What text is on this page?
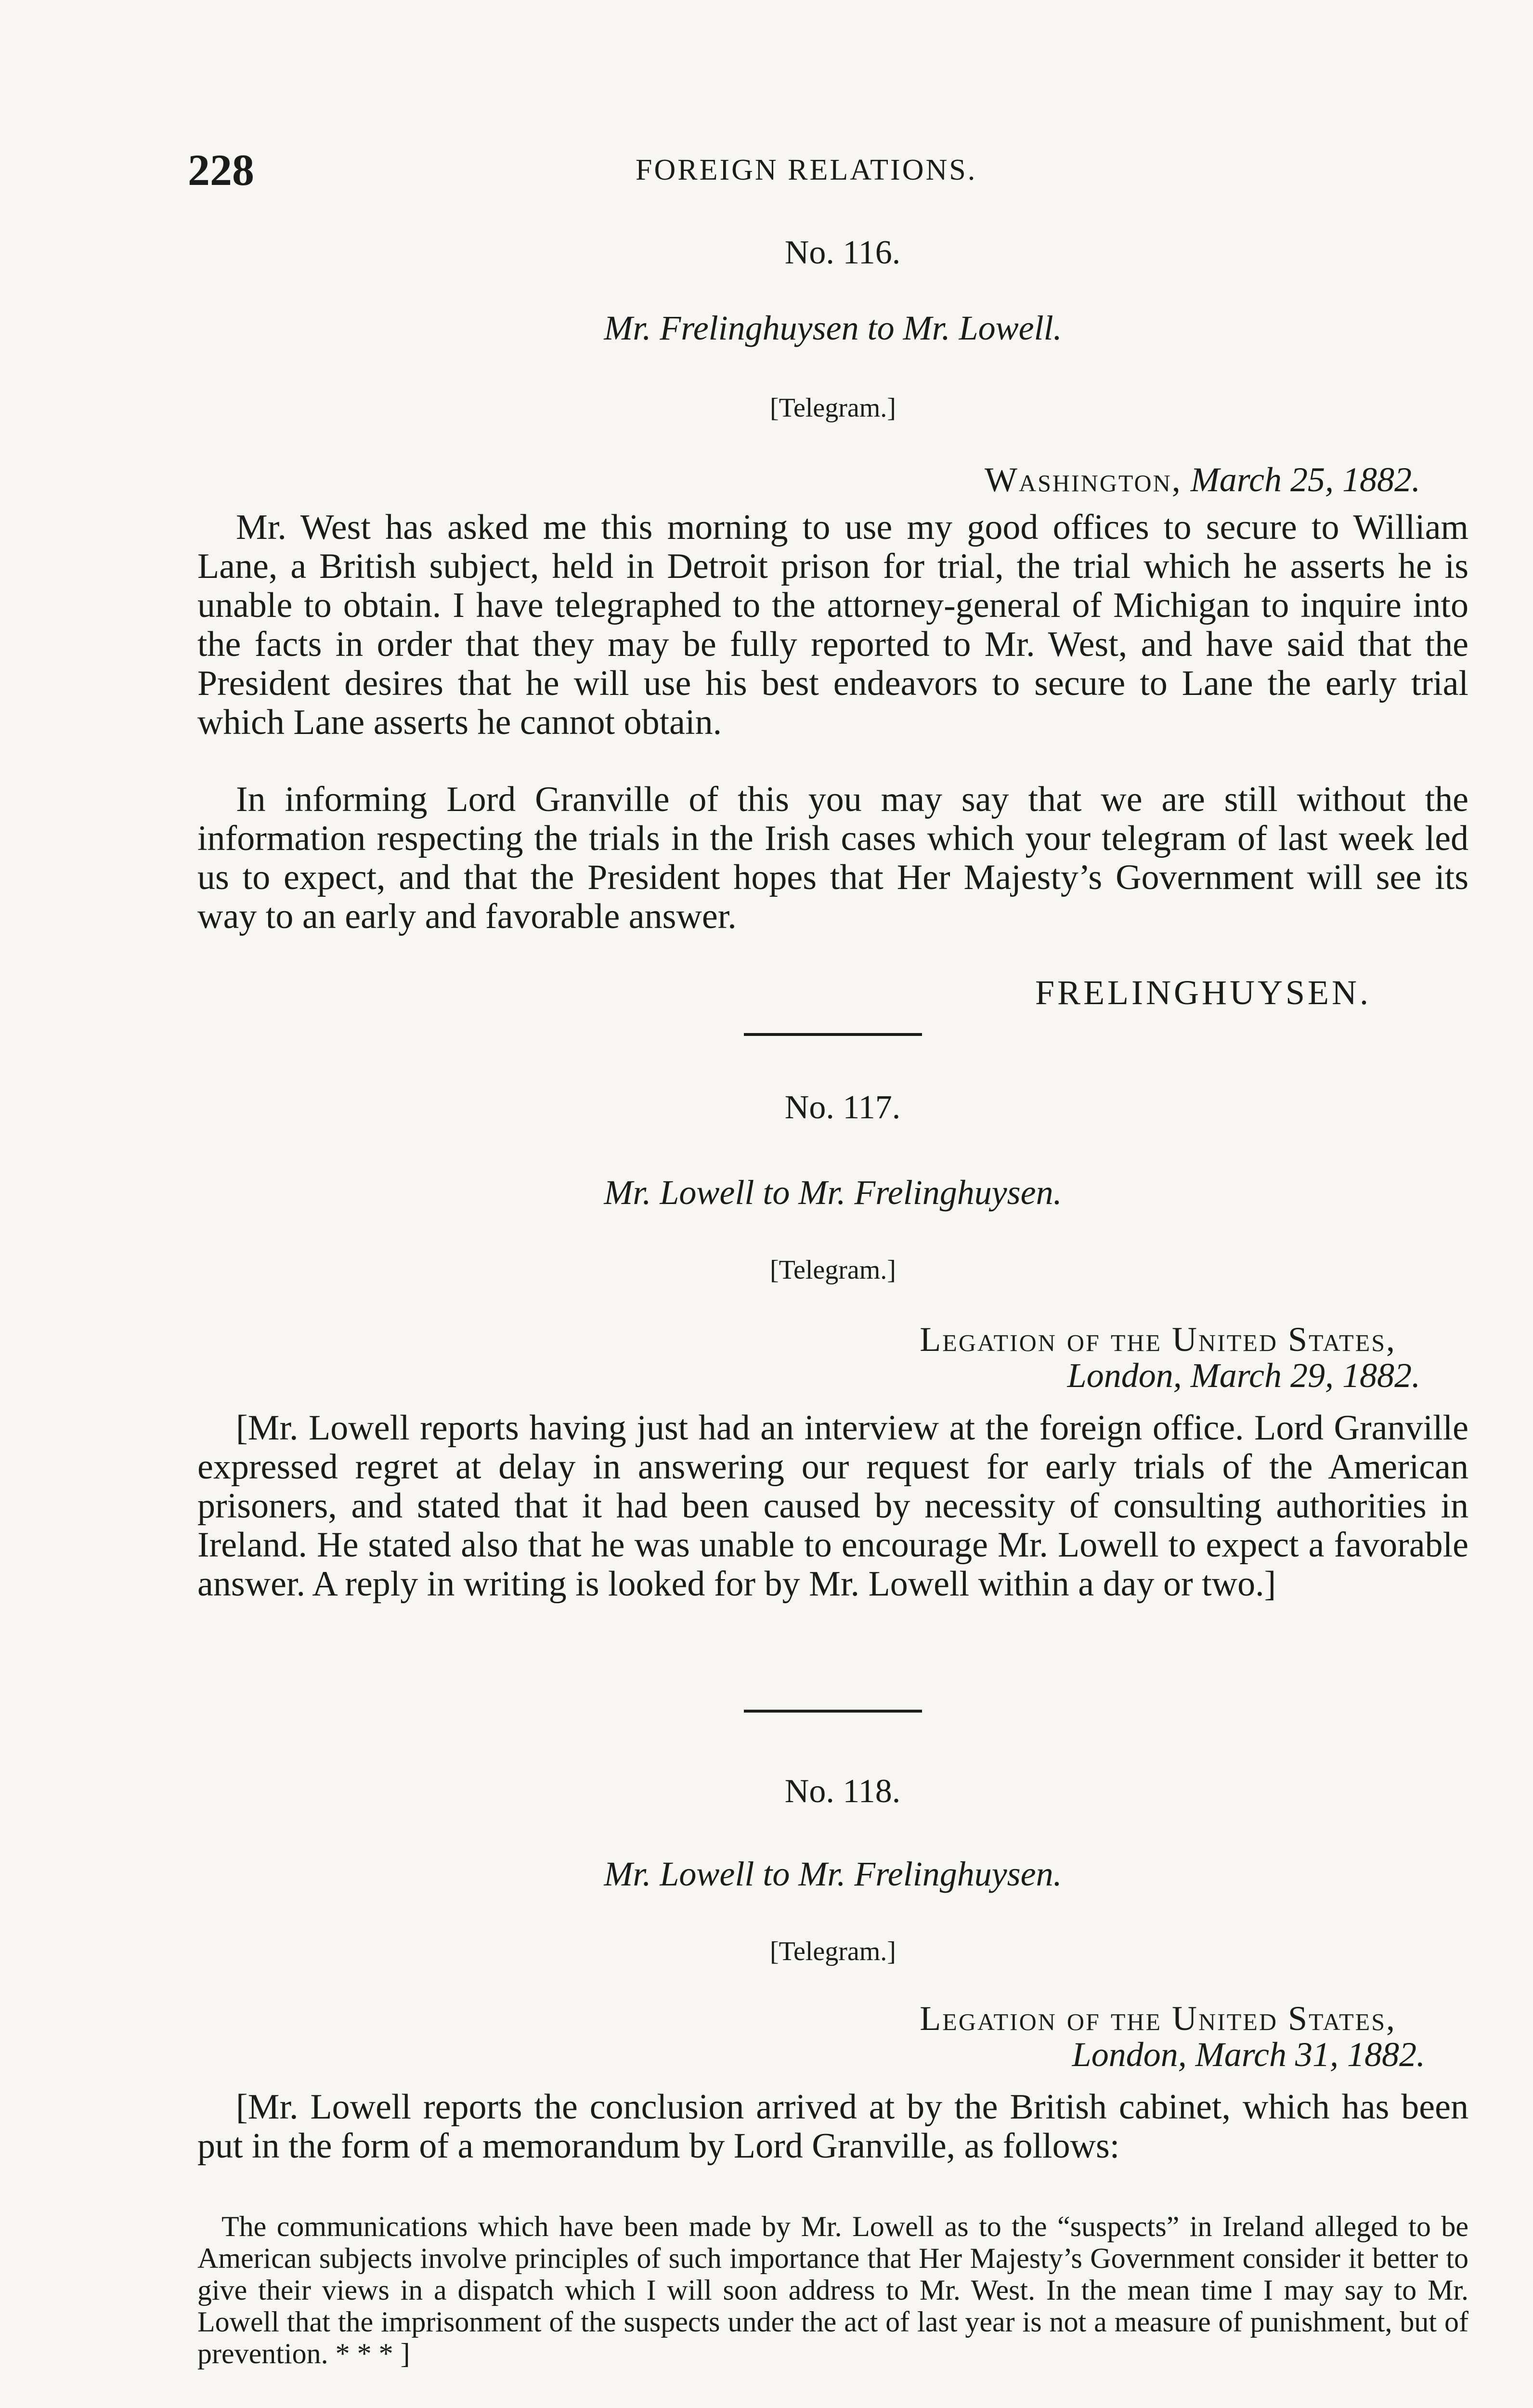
228	FOREIGN RELATIONS.
No. 116.
Mr. Frelinghuysen to Mr. Lowell.
[Telegram.]
Washington, March 25, 1882.

Mr. West has asked me this morning to use my good offices to secure to William Lane, a British subject, held in Detroit prison for trial, the trial which he asserts he is unable to obtain. I have telegraphed to the attorney-general of Michigan to inquire into the facts in order that they may be fully reported to Mr. West, and have said that the President desires that he will use his best endeavors to secure to Lane the early trial which Lane asserts he cannot obtain.

In informing Lord Granville of this you may say that we are still without the information respecting the trials in the Irish cases which your telegram of last week led us to expect, and that the President hopes that Her Majesty’s Government will see its way to an early and favorable answer.

FRELINGHUYSEN.
No. 117.
Mr. Lowell to Mr. Frelinghuysen.
[Telegram.]
Legation of the United States,
London, March 29, 1882.

[Mr. Lowell reports having just had an interview at the foreign office. Lord Granville expressed regret at delay in answering our request for early trials of the American prisoners, and stated that it had been caused by necessity of consulting authorities in Ireland. He stated also that he was unable to encourage Mr. Lowell to expect a favorable answer. A reply in writing is looked for by Mr. Lowell within a day or two.]

No. 118.
Mr. Lowell to Mr. Frelinghuysen.
[Telegram.]
Legation of the United States,
London, March 31, 1882.

[Mr. Lowell reports the conclusion arrived at by the British cabinet, which has been put in the form of a memorandum by Lord Granville, as follows:

The communications which have been made by Mr. Lowell as to the “suspects” in Ireland alleged to be American subjects involve principles of such importance that Her Majesty’s Government consider it better to give their views in a dispatch which I will soon address to Mr. West. In the mean time I may say to Mr. Lowell that the imprisonment of the suspects under the act of last year is not a measure of punishment, but of prevention. * * * ]
